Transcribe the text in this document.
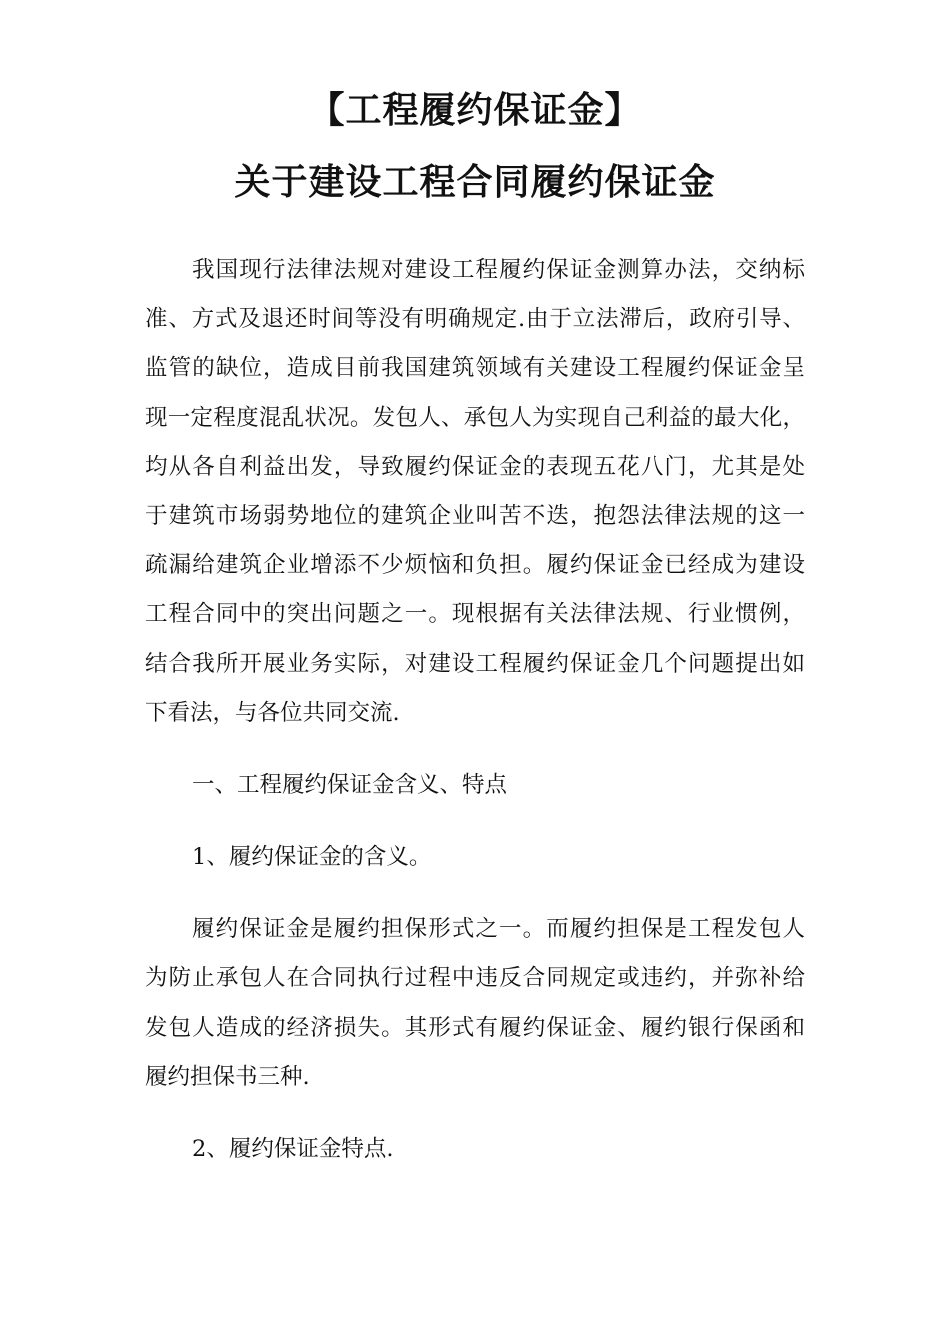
【工程履约保证金】
关于建设工程合同履约保证金
我国现行法律法规对建设工程履约保证金测算办法，交纳标
准、方式及退还时间等没有明确规定.由于立法滞后，政府引导、
监管的缺位，造成目前我国建筑领域有关建设工程履约保证金呈
现一定程度混乱状况。发包人、承包人为实现自己利益的最大化，
均从各自利益出发，导致履约保证金的表现五花八门，尤其是处
于建筑市场弱势地位的建筑企业叫苦不迭，抱怨法律法规的这一
疏漏给建筑企业增添不少烦恼和负担。履约保证金已经成为建设
工程合同中的突出问题之一。现根据有关法律法规、行业惯例，
结合我所开展业务实际，对建设工程履约保证金几个问题提出如
下看法，与各位共同交流.
一、工程履约保证金含义、特点
1、履约保证金的含义。
履约保证金是履约担保形式之一。而履约担保是工程发包人
为防止承包人在合同执行过程中违反合同规定或违约，并弥补给
发包人造成的经济损失。其形式有履约保证金、履约银行保函和
履约担保书三种.
2、履约保证金特点.
